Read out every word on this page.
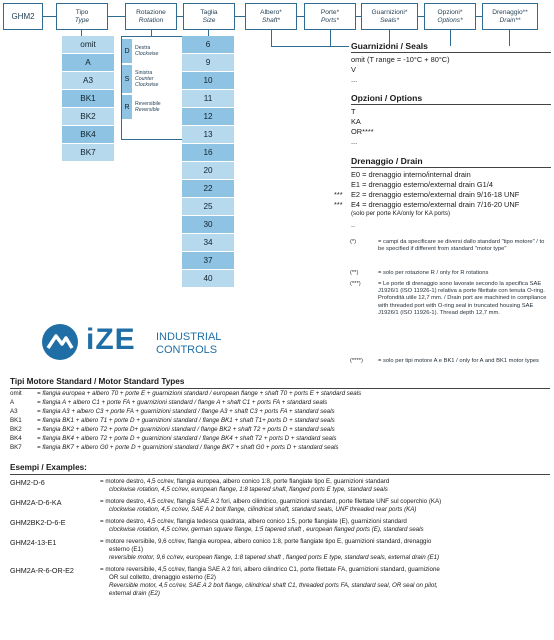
GHM2	Tipo
Type
Rotazione
Rotation
Taglia
Size
Albero*
Shaft*
Porte*
Ports*
Guarnizioni*
Seals*
Opzioni*
Options*
Drenaggio**
Drain**
omit
A
A3
BK1
BK2
BK4
BK7
D	Destra
Clockwise
S
Sinistra
Counter
Clockwise
R	Reversibile
Reversible
6
9
10
11
12
13
16
20
22
25
30
34
37
40
iZE INDUSTRIAL
CONTROLS
Guarnizioni / Seals
omit (T range = -10°C + 80°C)
V
...
Opzioni / Options
T
KA
OR****
...
Drenaggio / Drain
E0 = drenaggio interno/internal drain
E1 = drenaggio esterno/external drain G1/4
*** E2 = drenaggio esterno/external drain 9/16-18 UNF
*** E4 = drenaggio esterno/external drain 7/16-20 UNF
(solo per porte KA/only for KA ports)
..
(*)	= campi da specificare se diversi dallo standard "tipo motore" / to be specified if different from standard "motor type"
(**)	= solo per rotazione R / only for R rotations
(***)	= Le porte di drenaggio sono lavorate secondo la specifica SAE J1926/1 (ISO 11926-1) relativa a porte filettate con tenuta O-ring. Profondità utile 12,7 mm. / Drain port are machined in compliance with threaded port with O-ring seal in truncated housing SAE J1926/1 (ISO 11926-1). Thread depth 12,7 mm.
(****)	= solo per tipi motore A e BK1 / only for A and BK1 motor types
Tipi Motore Standard / Motor Standard Types
omit = flangia europea + albero T0 + porte E + guarnizioni standard / european flange + shaft T0 + ports E + standard seals
A	= flangia A + albero C1 + porte FA + guarnizioni standard / flange A + shaft C1 + ports FA + standard seals
A3	= flangia A3 + albero C3 + porte FA + guarnizioni standard / flange A3 + shaft C3 + ports FA + standard seals
BK1 = flangia BK1 + albero T1 + porte D + guarnizioni standard / flange BK1 + shaft T1+ ports D + standard seals
BK2 = flangia BK2 + albero T2 + porte D+ guarnizioni standard / flange BK2 + shaft T2 + ports D + standard seals
BK4 = flangia BK4 + albero T2 + porte D + guarnizioni standard / flange BK4 + shaft T2 + ports D + standard seals
BK7 = flangia BK7 + albero G0 + porte D + guarnizioni standard / flange BK7 + shaft G0 + ports D + standard seals
Esempi / Examples:
GHM2-D-6	= motore destro, 4,5 cc/rev, flangia europea, albero conico 1:8, porte flangiate tipo E, guarnizioni standard
clockwise rotation, 4,5 cc/rev, european flange, 1:8 tapered shaft, flanged ports E type, standard seals
GHM2A-D-6-KA	= motore destro, 4,5 cc/rev, flangia SAE A 2 fori, albero cilindrico, guarnizioni standard, porte filettate UNF sul coperchio (KA)
clockwise rotation, 4,5 cc/rev, SAE A 2 bolt flange, cilindrical shaft, standard seals, UNF threaded rear ports (KA)
GHM2BK2-D-6-E	= motore destro, 4,5 cc/rev, flangia tedesca quadrata, albero conico 1:5, porte flangiate (E), guarnizioni standard
clockwise rotation, 4,5 cc/rev, german square flange, 1:5 tapered shaft , european flanged ports (E), standard seals
GHM24-13-E1	= motore reversibile, 9,6 cc/rev, flangia europea, albero conico 1:8, porte flangiate tipo E, guarnizioni standard, drenaggio
esterno (E1)
reversible motor, 9,6 cc/rev, european flange, 1:8 tapered shaft , flanged ports E type, standard seals, external drain (E1)
GHM2A-R-6-OR-E2	= motore reversibile, 4,5 cc/rev, flangia SAE A 2 fori, albero cilindrico C1, porte filettate FA, guarnizioni standard, guarnizione
OR sul colletto, drenaggio esterno (E2)
Reversible motor, 4,5 cc/rev, SAE A 2 bolt flange, cilindrical shaft C1, threaded ports FA, standard seal, OR seal on pilot,
external drain (E2)
